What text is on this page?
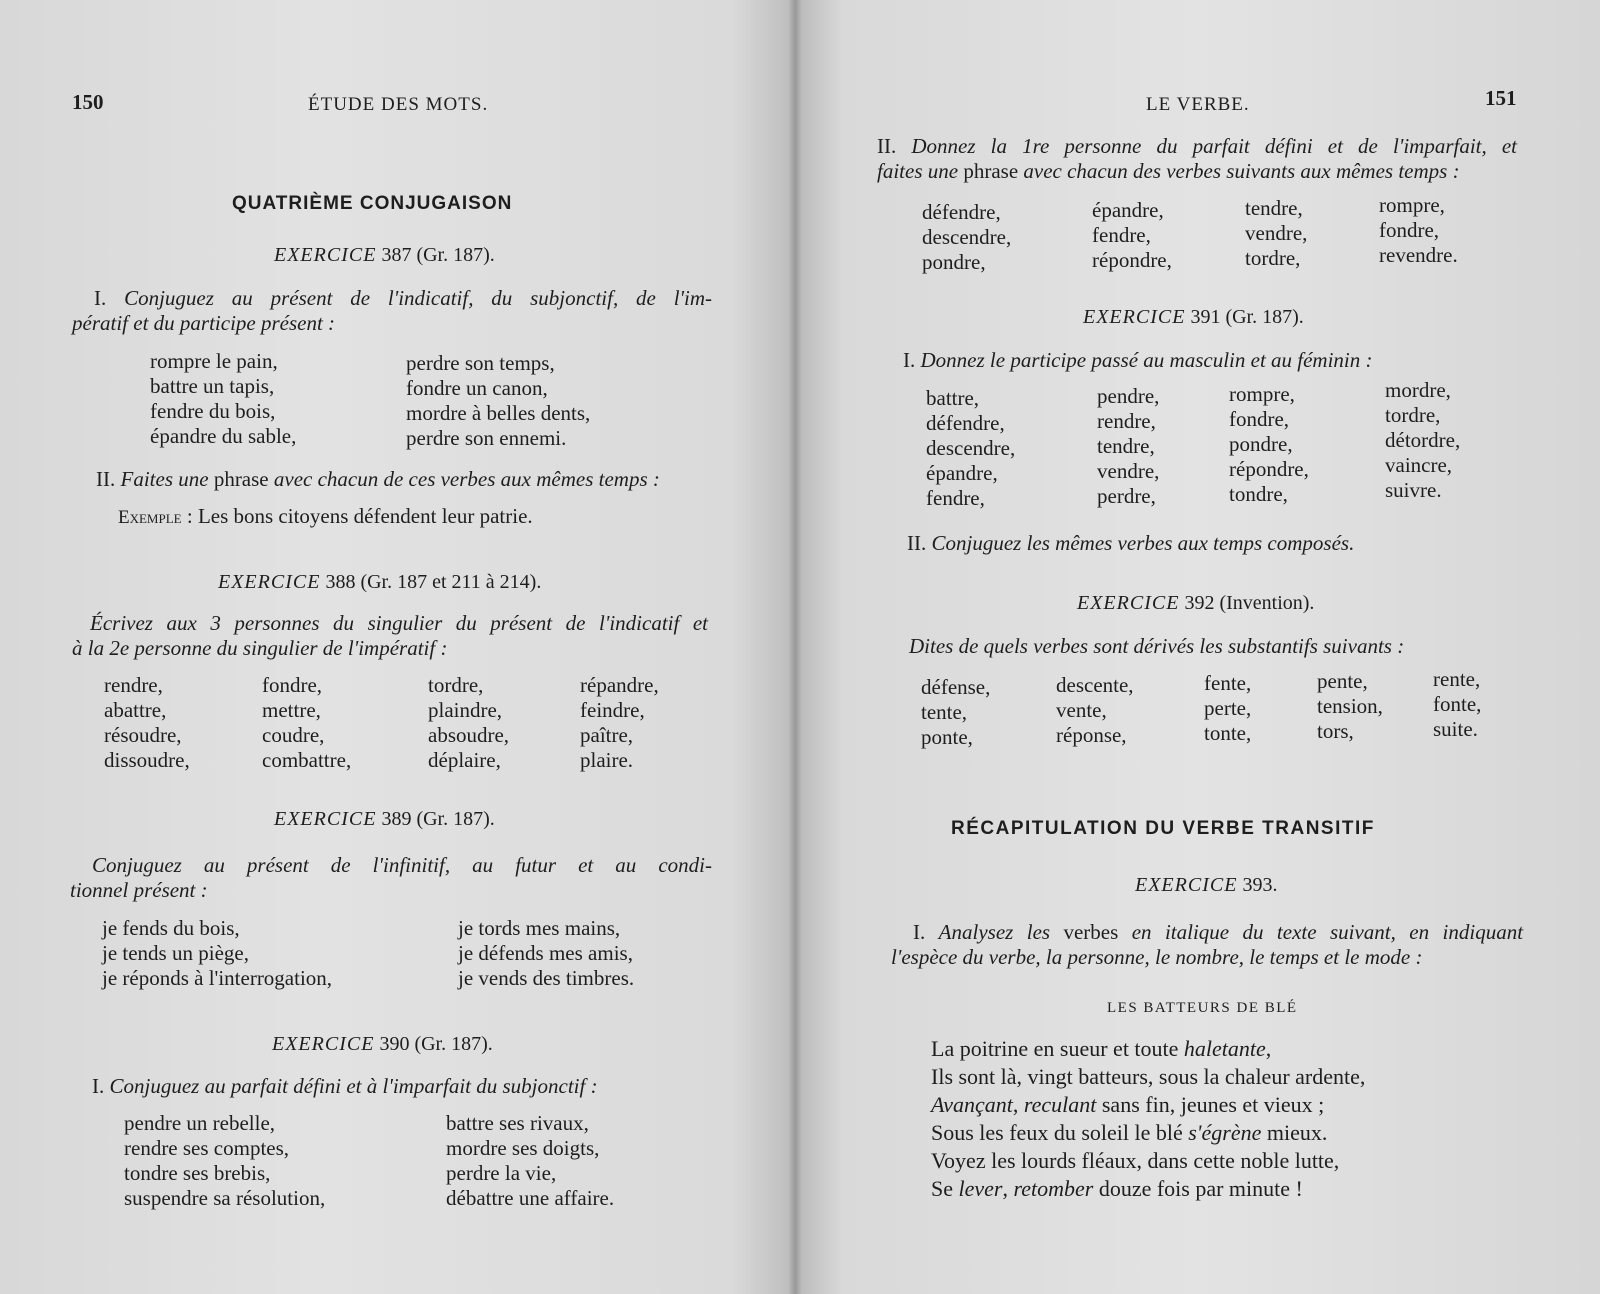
150	ÉTUDE DES MOTS.
QUATRIÈME CONJUGAISON
EXERCICE 387 (Gr. 187).
I. Conjuguez au présent de l'indicatif, du subjonctif, de l'im-
pératif et du participe présent :
rompre le pain,
battre un tapis,
fendre du bois,
épandre du sable,
perdre son temps,
fondre un canon,
mordre à belles dents,
perdre son ennemi.
II. Faites une phrase avec chacun de ces verbes aux mêmes temps :
Exemple : Les bons citoyens défendent leur patrie.
EXERCICE 388 (Gr. 187 et 211 à 214).
Écrivez aux 3 personnes du singulier du présent de l'indicatif et
à la 2e personne du singulier de l'impératif :
rendre,
abattre,
résoudre,
dissoudre,
fondre,
mettre,
coudre,
combattre,
tordre,
plaindre,
absoudre,
déplaire,
répandre,
feindre,
paître,
plaire.
EXERCICE 389 (Gr. 187).
Conjuguez au présent de l'infinitif, au futur et au condi-
tionnel présent :
je fends du bois,
je tends un piège,
je réponds à l'interrogation,
je tords mes mains,
je défends mes amis,
je vends des timbres.
EXERCICE 390 (Gr. 187).
I. Conjuguez au parfait défini et à l'imparfait du subjonctif :
pendre un rebelle,
rendre ses comptes,
tondre ses brebis,
suspendre sa résolution,
battre ses rivaux,
mordre ses doigts,
perdre la vie,
débattre une affaire.
LE VERBE.	151
II. Donnez la 1re personne du parfait défini et de l'imparfait, et
faites une phrase avec chacun des verbes suivants aux mêmes temps :
défendre,
descendre,
pondre,
épandre,
fendre,
répondre,
tendre,
vendre,
tordre,
rompre,
fondre,
revendre.
EXERCICE 391 (Gr. 187).
I. Donnez le participe passé au masculin et au féminin :
battre,
défendre,
descendre,
épandre,
fendre,
pendre,
rendre,
tendre,
vendre,
perdre,
rompre,
fondre,
pondre,
répondre,
tondre,
mordre,
tordre,
détordre,
vaincre,
suivre.
II. Conjuguez les mêmes verbes aux temps composés.
EXERCICE 392 (Invention).
Dites de quels verbes sont dérivés les substantifs suivants :
défense,
tente,
ponte,
descente,
vente,
réponse,
fente,
perte,
tonte,
pente,
tension,
tors,
rente,
fonte,
suite.
RÉCAPITULATION DU VERBE TRANSITIF
EXERCICE 393.
I. Analysez les verbes en italique du texte suivant, en indiquant
l'espèce du verbe, la personne, le nombre, le temps et le mode :
LES BATTEURS DE BLÉ
La poitrine en sueur et toute haletante,
Ils sont là, vingt batteurs, sous la chaleur ardente,
Avançant, reculant sans fin, jeunes et vieux ;
Sous les feux du soleil le blé s'égrène mieux.
Voyez les lourds fléaux, dans cette noble lutte,
Se lever, retomber douze fois par minute !
